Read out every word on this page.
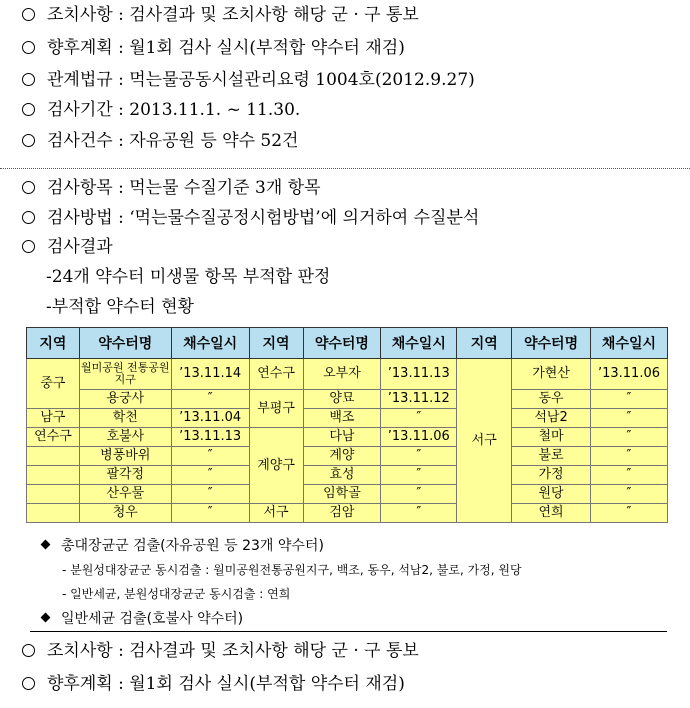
조치사항 : 검사결과 및 조치사항 해당 군 · 구 통보
향후계획 : 월1회 검사 실시(부적합 약수터 재검)
관계법규 : 먹는물공동시설관리요령 1004호(2012.9.27)
검사기간 : 2013.11.1. ~ 11.30.
검사건수 : 자유공원 등 약수 52건
검사항목 : 먹는물 수질기준 3개 항목
검사방법 : ‘먹는물수질공정시험방법’에 의거하여 수질분석
검사결과
-24개 약수터 미생물 항목 부적합 판정
-부적합 약수터 현황
지역	약수터명	채수일시	지역	약수터명	채수일시	지역	약수터명	채수일시
중구	월미공원 전통공원지구	’13.11.14	연수구	오부자	’13.11.13	서구	가현산	’13.11.06
	용궁사	″	부평구	양묘	’13.11.12		동우	″
남구	학천	’13.11.04		백조	″		석남2	″
연수구	호불사	’13.11.13	계양구	다남	’13.11.06		철마	″
	병풍바위	″		계양	″		불로	″
	팔각정	″		효성	″		가정	″
	산우물	″		임학골	″		원당	″
	청우	″	서구	검암	″		연희	″
총대장균군 검출(자유공원 등 23개 약수터)
- 분원성대장균군 동시검출 : 월미공원전통공원지구, 백조, 동우, 석남2, 불로, 가정, 원당
- 일반세균, 분원성대장균군 동시검출 : 연희
일반세균 검출(호불사 약수터)
조치사항 : 검사결과 및 조치사항 해당 군 · 구 통보
향후계획 : 월1회 검사 실시(부적합 약수터 재검)
